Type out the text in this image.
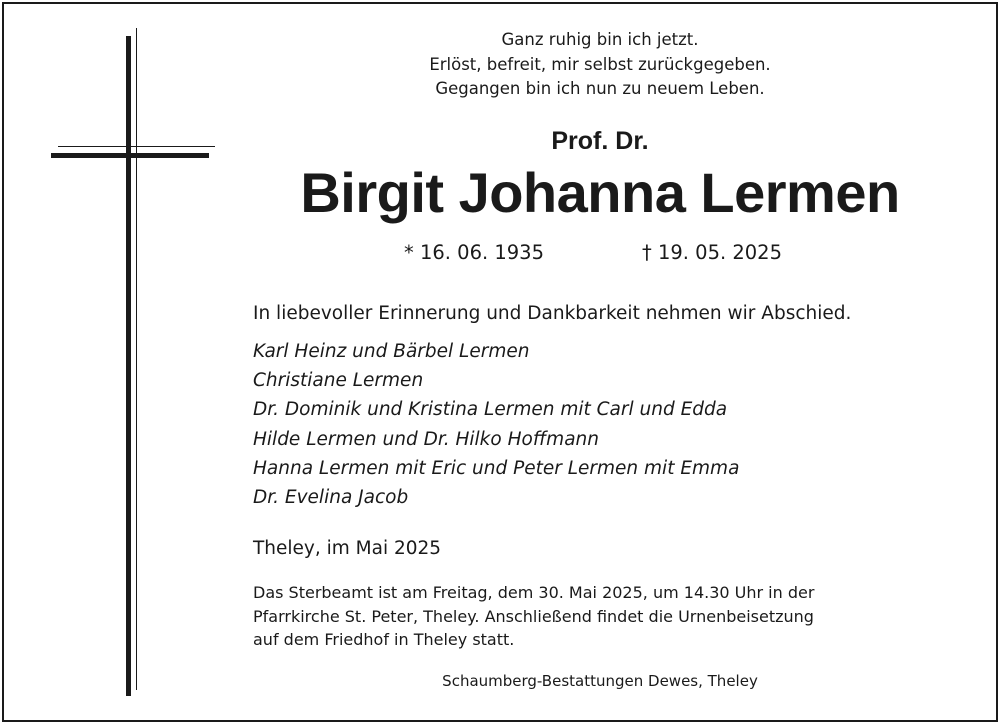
Ganz ruhig bin ich jetzt.
Erlöst, befreit, mir selbst zurückgegeben.
Gegangen bin ich nun zu neuem Leben.
Prof. Dr.
Birgit Johanna Lermen
* 16. 06. 1935	† 19. 05. 2025
In liebevoller Erinnerung und Dankbarkeit nehmen wir Abschied.
Karl Heinz und Bärbel Lermen
Christiane Lermen
Dr. Dominik und Kristina Lermen mit Carl und Edda
Hilde Lermen und Dr. Hilko Hoffmann
Hanna Lermen mit Eric und Peter Lermen mit Emma
Dr. Evelina Jacob
Theley, im Mai 2025
Das Sterbeamt ist am Freitag, dem 30. Mai 2025, um 14.30 Uhr in der
Pfarrkirche St. Peter, Theley. Anschließend findet die Urnenbeisetzung
auf dem Friedhof in Theley statt.
Schaumberg-Bestattungen Dewes, Theley
